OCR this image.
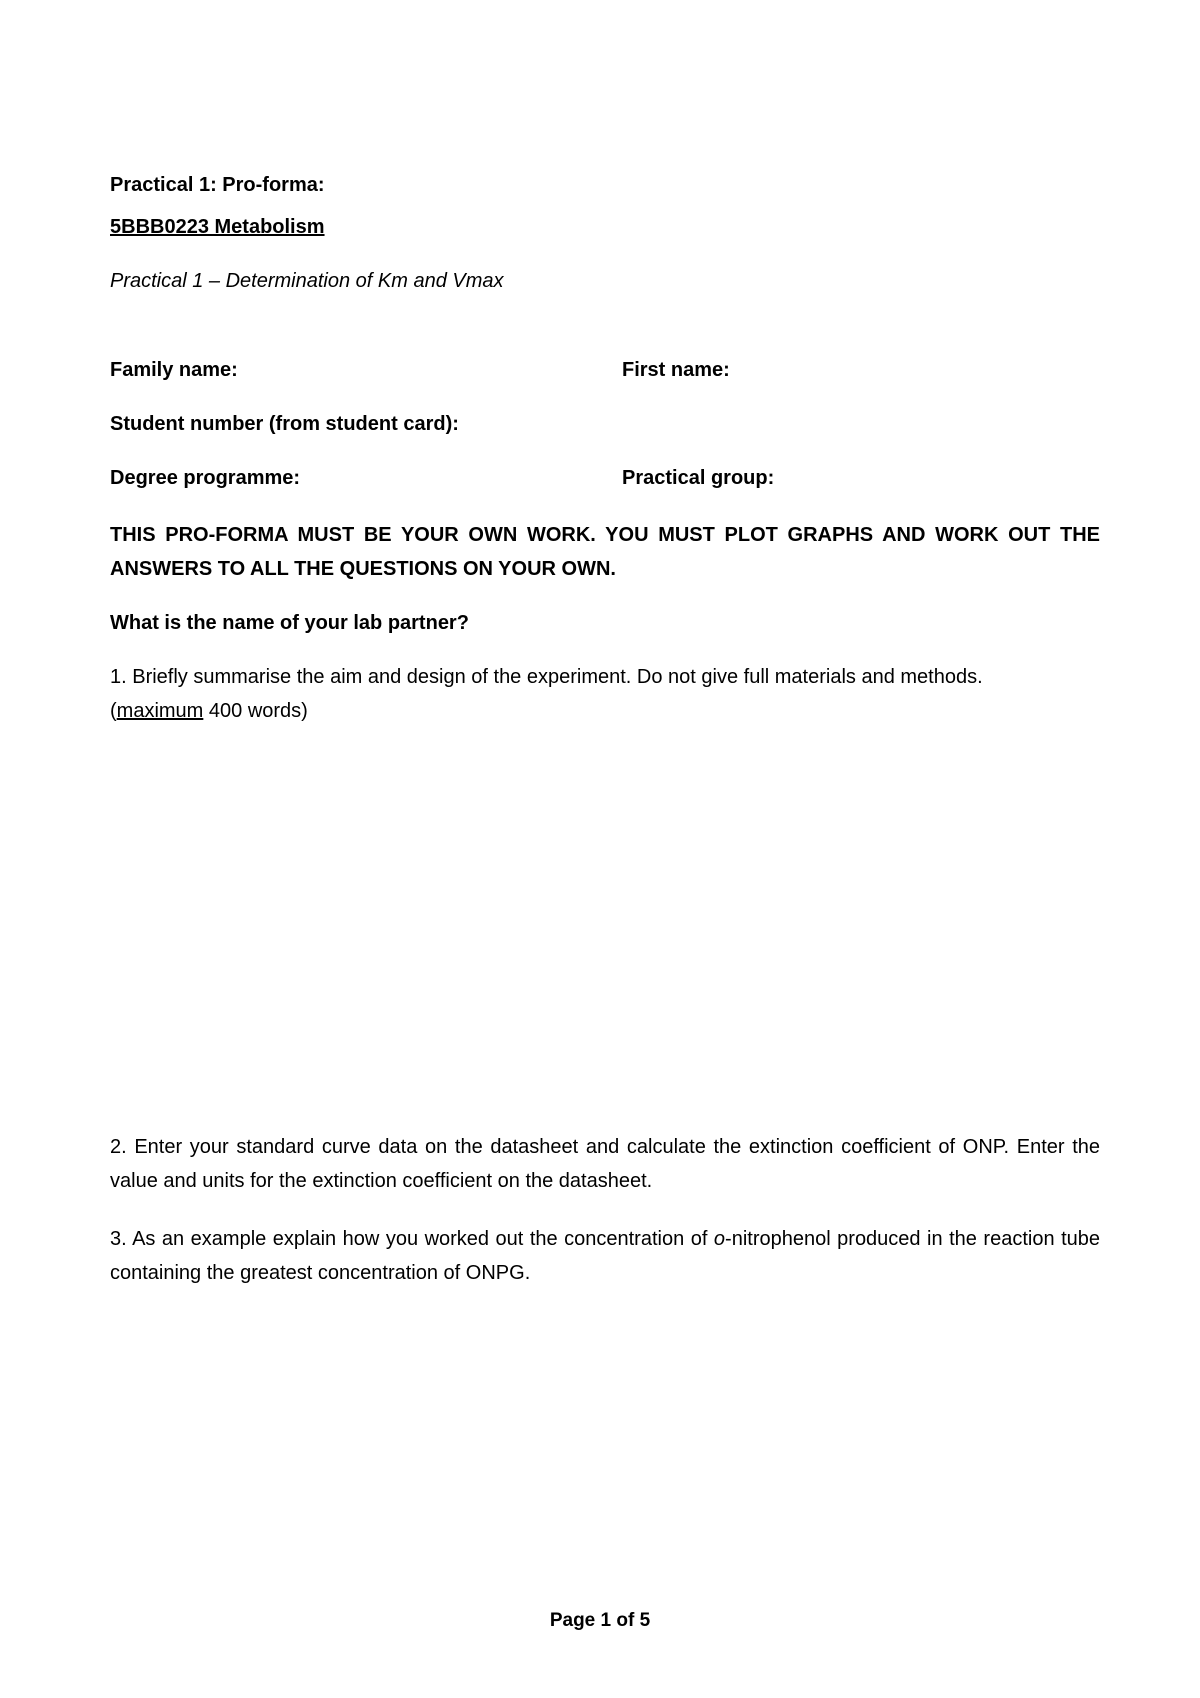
Practical 1: Pro-forma:
5BBB0223 Metabolism
Practical 1 – Determination of Km and Vmax
Family name:	First name:
Student number (from student card):
Degree programme:	Practical group:
THIS PRO-FORMA MUST BE YOUR OWN WORK. YOU MUST PLOT GRAPHS AND WORK OUT THE ANSWERS TO ALL THE QUESTIONS ON YOUR OWN.
What is the name of your lab partner?
1. Briefly summarise the aim and design of the experiment. Do not give full materials and methods.
(maximum 400 words)
2. Enter your standard curve data on the datasheet and calculate the extinction coefficient of ONP. Enter the value and units for the extinction coefficient on the datasheet.
3. As an example explain how you worked out the concentration of o-nitrophenol produced in the reaction tube containing the greatest concentration of ONPG.
Page 1 of 5
